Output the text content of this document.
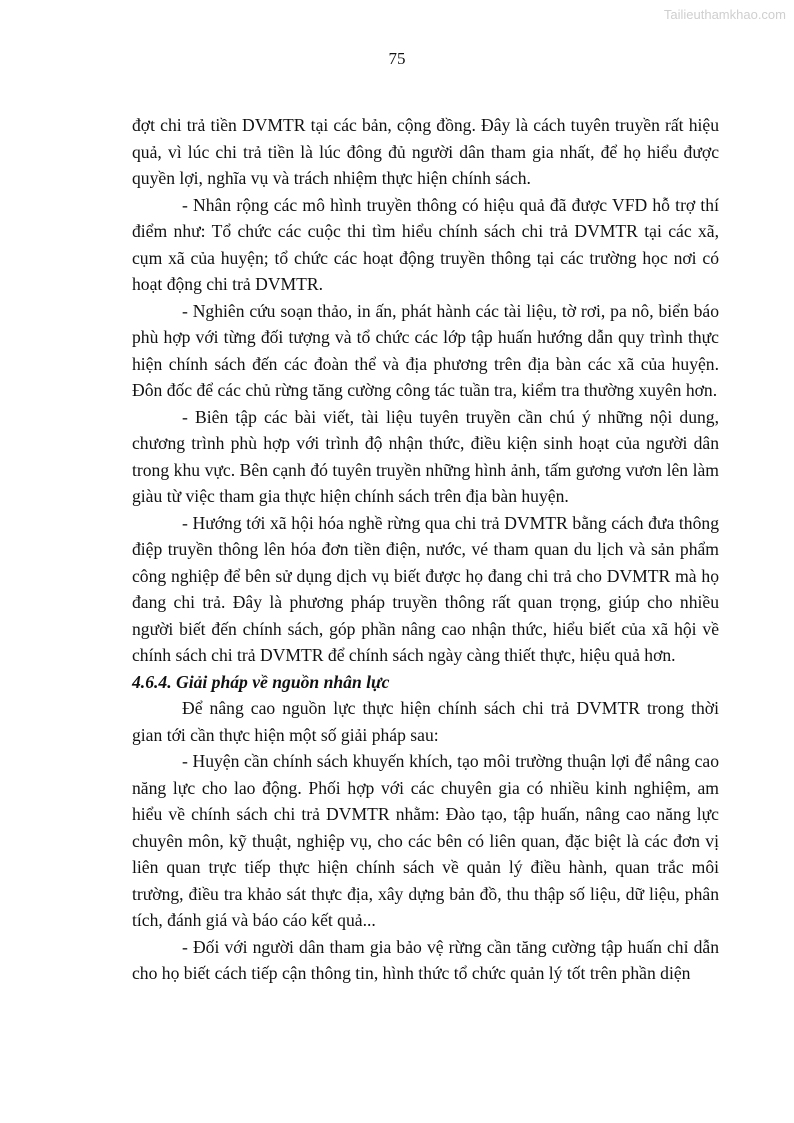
Tailieuthamkhao.com
75

đợt chi trả tiền DVMTR tại các bản, cộng đồng. Đây là cách tuyên truyền rất hiệu quả, vì lúc chi trả tiền là lúc đông đủ người dân tham gia nhất, để họ hiểu được quyền lợi, nghĩa vụ và trách nhiệm thực hiện chính sách.

- Nhân rộng các mô hình truyền thông có hiệu quả đã được VFD hỗ trợ thí điểm như: Tổ chức các cuộc thi tìm hiểu chính sách chi trả DVMTR tại các xã, cụm xã của huyện; tổ chức các hoạt động truyền thông tại các trường học nơi có hoạt động chi trả DVMTR.

- Nghiên cứu soạn thảo, in ấn, phát hành các tài liệu, tờ rơi, pa nô, biển báo phù hợp với từng đối tượng và tổ chức các lớp tập huấn hướng dẫn quy trình thực hiện chính sách đến các đoàn thể và địa phương trên địa bàn các xã của huyện. Đôn đốc để các chủ rừng tăng cường công tác tuần tra, kiểm tra thường xuyên hơn.

- Biên tập các bài viết, tài liệu tuyên truyền cần chú ý những nội dung, chương trình phù hợp với trình độ nhận thức, điều kiện sinh hoạt của người dân trong khu vực. Bên cạnh đó tuyên truyền những hình ảnh, tấm gương vươn lên làm giàu từ việc tham gia thực hiện chính sách trên địa bàn huyện.

- Hướng tới xã hội hóa nghề rừng qua chi trả DVMTR bằng cách đưa thông điệp truyền thông lên hóa đơn tiền điện, nước, vé tham quan du lịch và sản phẩm công nghiệp để bên sử dụng dịch vụ biết được họ đang chi trả cho DVMTR mà họ đang chi trả. Đây là phương pháp truyền thông rất quan trọng, giúp cho nhiều người biết đến chính sách, góp phần nâng cao nhận thức, hiểu biết của xã hội về chính sách chi trả DVMTR để chính sách ngày càng thiết thực, hiệu quả hơn.

4.6.4. Giải pháp về nguồn nhân lực

Để nâng cao nguồn lực thực hiện chính sách chi trả DVMTR trong thời gian tới cần thực hiện một số giải pháp sau:

- Huyện cần chính sách khuyến khích, tạo môi trường thuận lợi để nâng cao năng lực cho lao động. Phối hợp với các chuyên gia có nhiều kinh nghiệm, am hiểu về chính sách chi trả DVMTR nhằm: Đào tạo, tập huấn, nâng cao năng lực chuyên môn, kỹ thuật, nghiệp vụ, cho các bên có liên quan, đặc biệt là các đơn vị liên quan trực tiếp thực hiện chính sách về quản lý điều hành, quan trắc môi trường, điều tra khảo sát thực địa, xây dựng bản đồ, thu thập số liệu, dữ liệu, phân tích, đánh giá và báo cáo kết quả...

- Đối với người dân tham gia bảo vệ rừng cần tăng cường tập huấn chỉ dẫn cho họ biết cách tiếp cận thông tin, hình thức tổ chức quản lý tốt trên phần diện
